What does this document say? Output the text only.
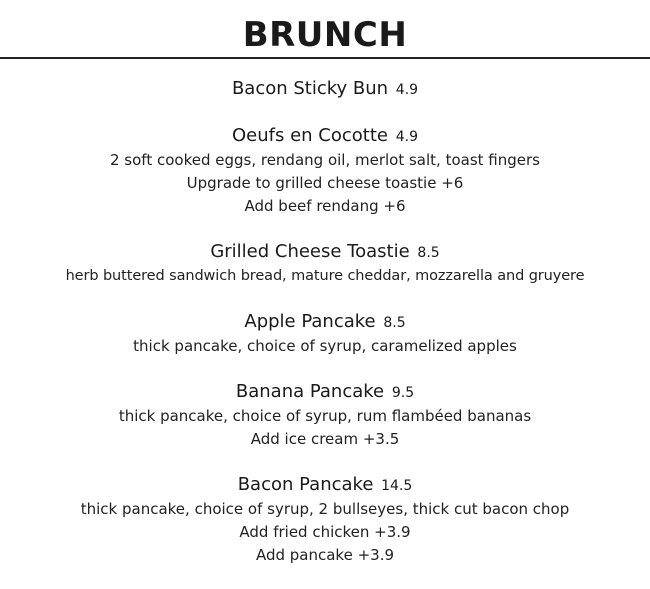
BRUNCH
Bacon Sticky Bun 4.9
Oeufs en Cocotte 4.9
2 soft cooked eggs, rendang oil, merlot salt, toast fingers
Upgrade to grilled cheese toastie +6
Add beef rendang +6
Grilled Cheese Toastie 8.5
herb buttered sandwich bread, mature cheddar, mozzarella and gruyere
Apple Pancake 8.5
thick pancake, choice of syrup, caramelized apples
Banana Pancake 9.5
thick pancake, choice of syrup, rum flambéed bananas
Add ice cream +3.5
Bacon Pancake 14.5
thick pancake, choice of syrup, 2 bullseyes, thick cut bacon chop
Add fried chicken +3.9
Add pancake +3.9
